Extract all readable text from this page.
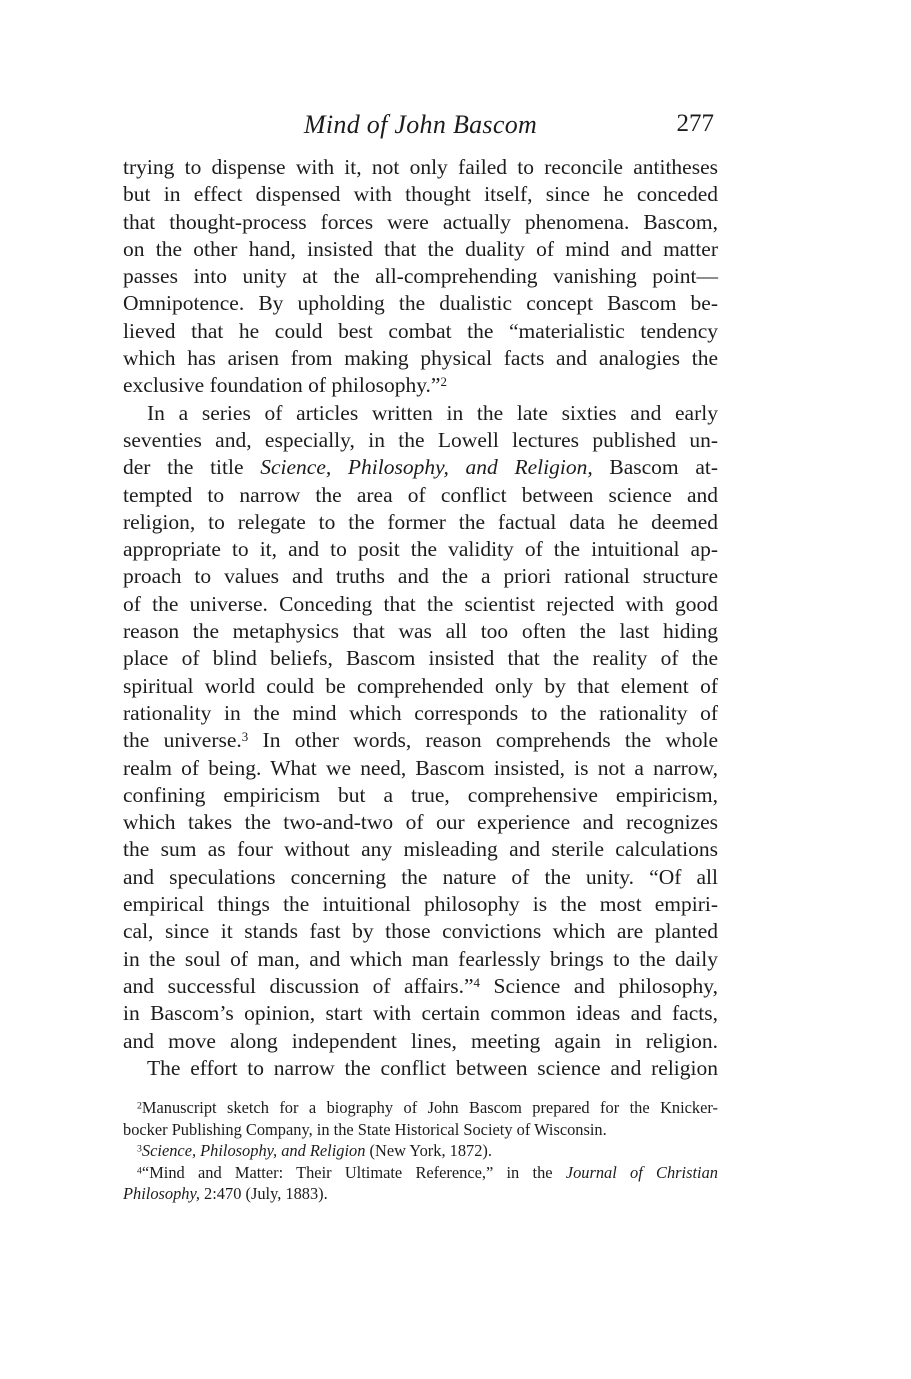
Mind of John Bascom	277
trying to dispense with it, not only failed to reconcile antitheses
but in effect dispensed with thought itself, since he conceded
that thought-process forces were actually phenomena. Bascom,
on the other hand, insisted that the duality of mind and matter
passes into unity at the all-comprehending vanishing point—
Omnipotence. By upholding the dualistic concept Bascom be-
lieved that he could best combat the “materialistic tendency
which has arisen from making physical facts and analogies the
exclusive foundation of philosophy.”$^2$
In a series of articles written in the late sixties and early
seventies and, especially, in the Lowell lectures published un-
der the title Science, Philosophy, and Religion, Bascom at-
tempted to narrow the area of conflict between science and
religion, to relegate to the former the factual data he deemed
appropriate to it, and to posit the validity of the intuitional ap-
proach to values and truths and the a priori rational structure
of the universe. Conceding that the scientist rejected with good
reason the metaphysics that was all too often the last hiding
place of blind beliefs, Bascom insisted that the reality of the
spiritual world could be comprehended only by that element of
rationality in the mind which corresponds to the rationality of
the universe.$^3$ In other words, reason comprehends the whole
realm of being. What we need, Bascom insisted, is not a narrow,
confining empiricism but a true, comprehensive empiricism,
which takes the two-and-two of our experience and recognizes
the sum as four without any misleading and sterile calculations
and speculations concerning the nature of the unity. “Of all
empirical things the intuitional philosophy is the most empiri-
cal, since it stands fast by those convictions which are planted
in the soul of man, and which man fearlessly brings to the daily
and successful discussion of affairs.”$^4$ Science and philosophy,
in Bascom’s opinion, start with certain common ideas and facts,
and move along independent lines, meeting again in religion.
The effort to narrow the conflict between science and religion
$^2$Manuscript sketch for a biography of John Bascom prepared for the Knicker-
bocker Publishing Company, in the State Historical Society of Wisconsin.
$^3$Science, Philosophy, and Religion (New York, 1872).
$^4$“Mind and Matter: Their Ultimate Reference,” in the Journal of Christian
Philosophy, 2:470 (July, 1883).
